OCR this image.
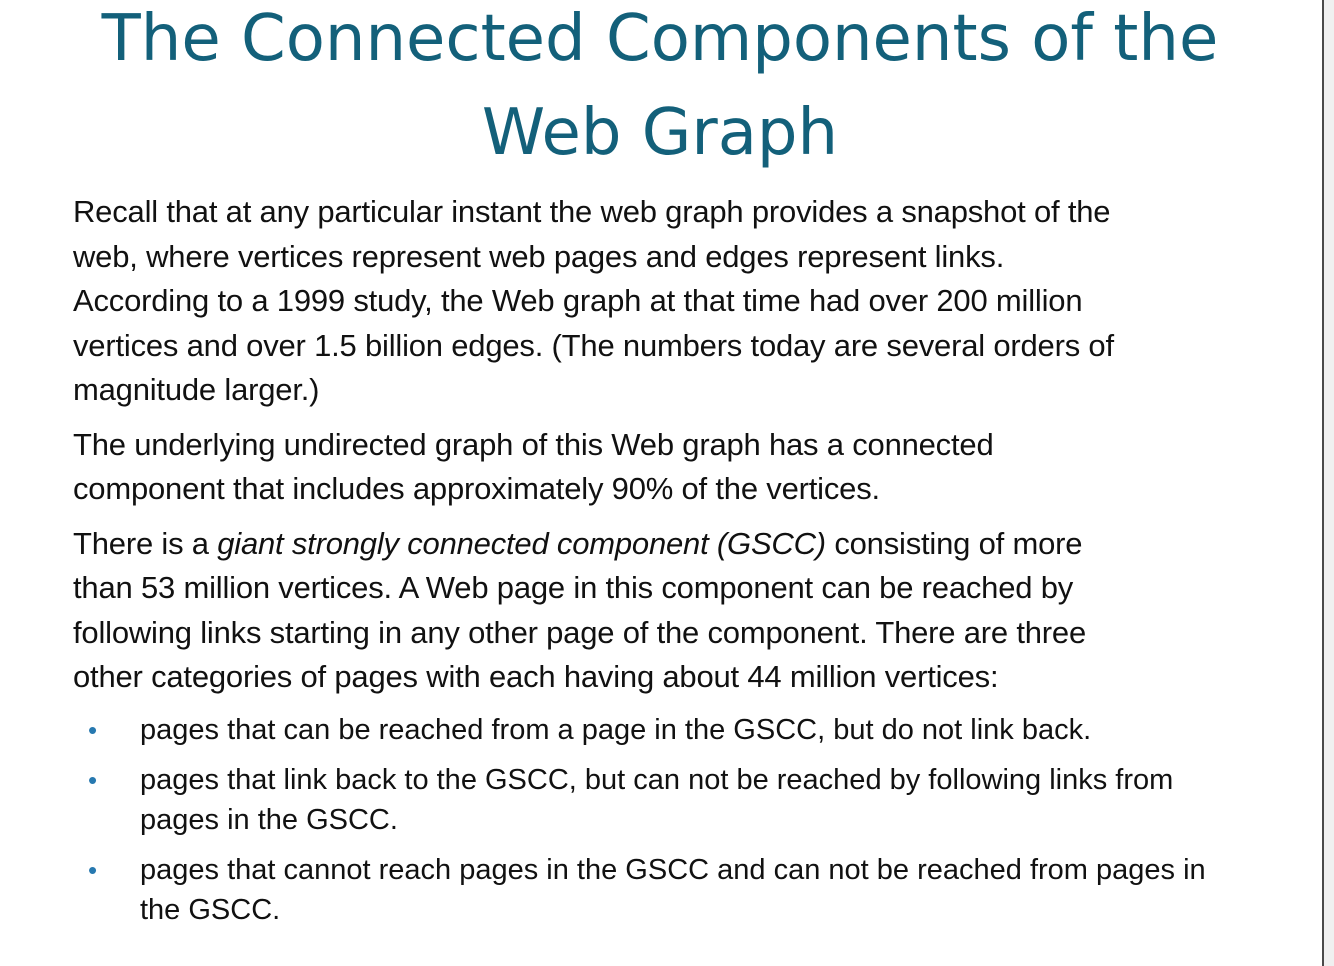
The Connected Components of the
Web Graph
Recall that at any particular instant the web graph provides a snapshot of the
web, where vertices represent web pages and edges represent links.
According to a 1999 study, the Web graph at that time had over 200 million
vertices and over 1.5 billion edges. (The numbers today are several orders of
magnitude larger.)
The underlying undirected graph of this Web graph has a connected
component that includes approximately 90% of the vertices.
There is a giant strongly connected component (GSCC) consisting of more
than 53 million vertices. A Web page in this component can be reached by
following links starting in any other page of the component. There are three
other categories of pages with each having about 44 million vertices:
• pages that can be reached from a page in the GSCC, but do not link back.
• pages that link back to the GSCC, but can not be reached by following links from
pages in the GSCC.
• pages that cannot reach pages in the GSCC and can not be reached from pages in
the GSCC.
